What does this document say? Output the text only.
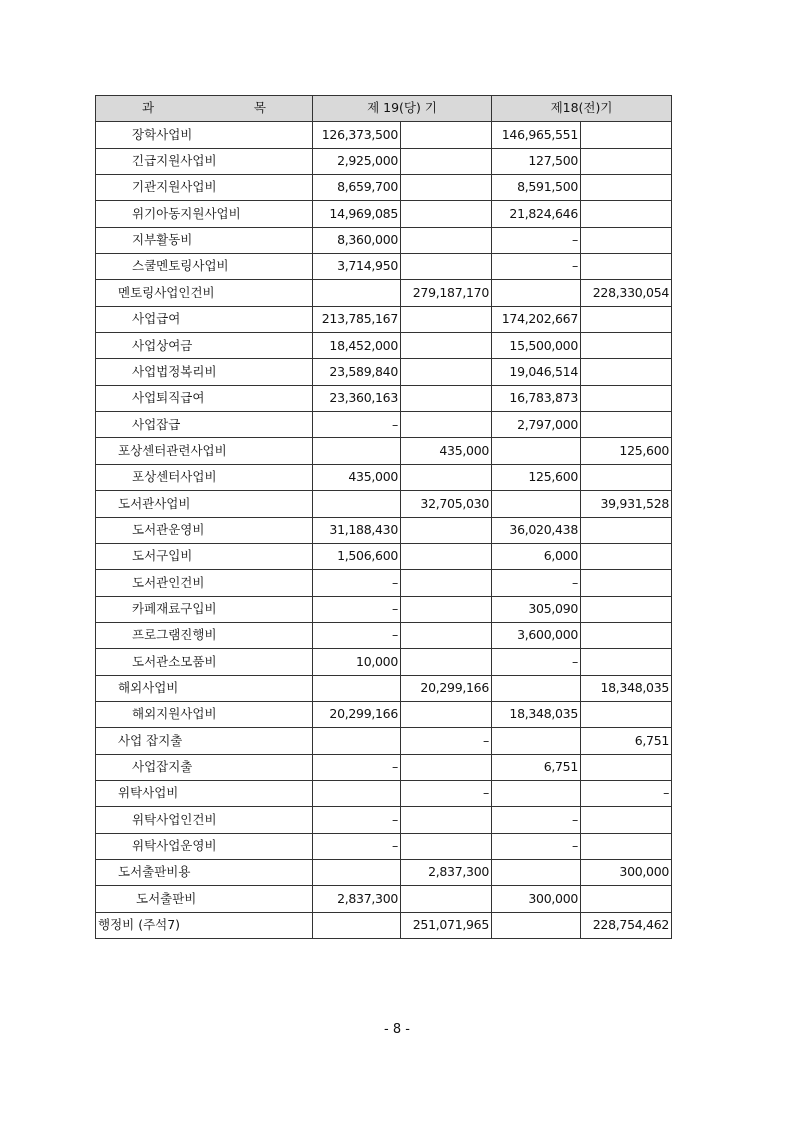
과 목	제 19(당) 기		제18(전)기	
장학사업비	126,373,500		146,965,551	
긴급지원사업비	2,925,000		127,500	
기관지원사업비	8,659,700		8,591,500	
위기아동지원사업비	14,969,085		21,824,646	
지부활동비	8,360,000		–	
스쿨멘토링사업비	3,714,950		–	
멘토링사업인건비		279,187,170		228,330,054
사업급여	213,785,167		174,202,667	
사업상여금	18,452,000		15,500,000	
사업법정복리비	23,589,840		19,046,514	
사업퇴직급여	23,360,163		16,783,873	
사업잡급	–		2,797,000	
포상센터관련사업비		435,000		125,600
포상센터사업비	435,000		125,600	
도서관사업비		32,705,030		39,931,528
도서관운영비	31,188,430		36,020,438	
도서구입비	1,506,600		6,000	
도서관인건비	–		–	
카페재료구입비	–		305,090	
프로그램진행비	–		3,600,000	
도서관소모품비	10,000		–	
해외사업비		20,299,166		18,348,035
해외지원사업비	20,299,166		18,348,035	
사업 잡지출		–		6,751
사업잡지출	–		6,751	
위탁사업비		–		–
위탁사업인건비	–		–	
위탁사업운영비	–		–	
도서출판비용		2,837,300		300,000
도서출판비	2,837,300		300,000	
행정비 (주석7)		251,071,965		228,754,462
- 8 -
